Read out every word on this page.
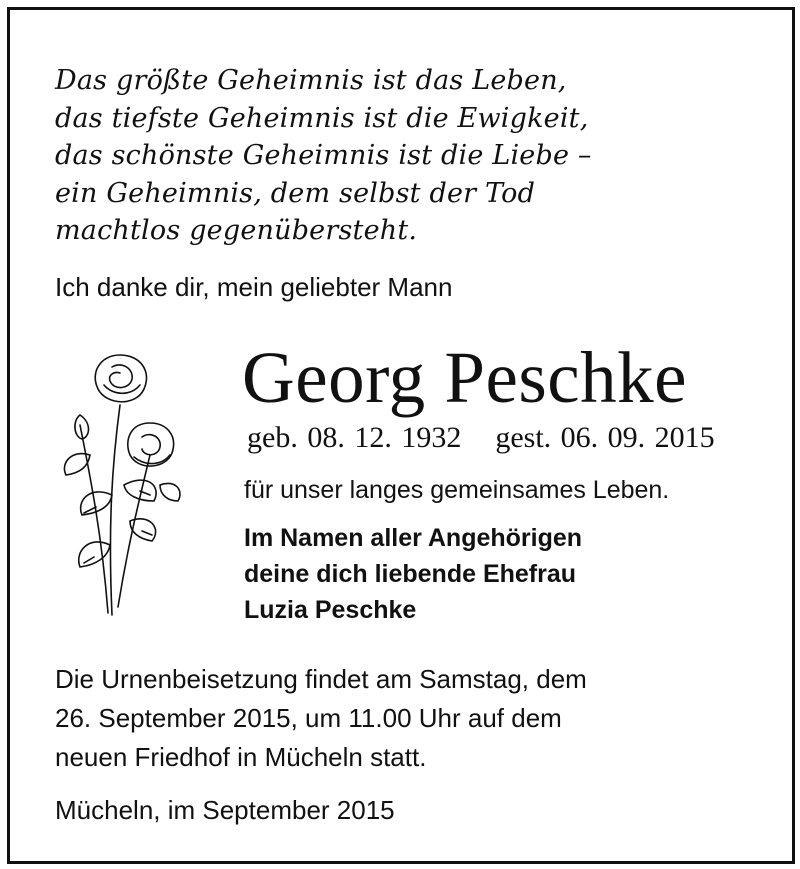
Das größte Geheimnis ist das Leben,
das tiefste Geheimnis ist die Ewigkeit,
das schönste Geheimnis ist die Liebe –
ein Geheimnis, dem selbst der Tod
machtlos gegenübersteht.
Ich danke dir, mein geliebter Mann
Georg Peschke
geb. 08. 12. 1932 gest. 06. 09. 2015
für unser langes gemeinsames Leben.
Im Namen aller Angehörigen
deine dich liebende Ehefrau
Luzia Peschke
Die Urnenbeisetzung findet am Samstag, dem
26. September 2015, um 11.00 Uhr auf dem
neuen Friedhof in Mücheln statt.
Mücheln, im September 2015
